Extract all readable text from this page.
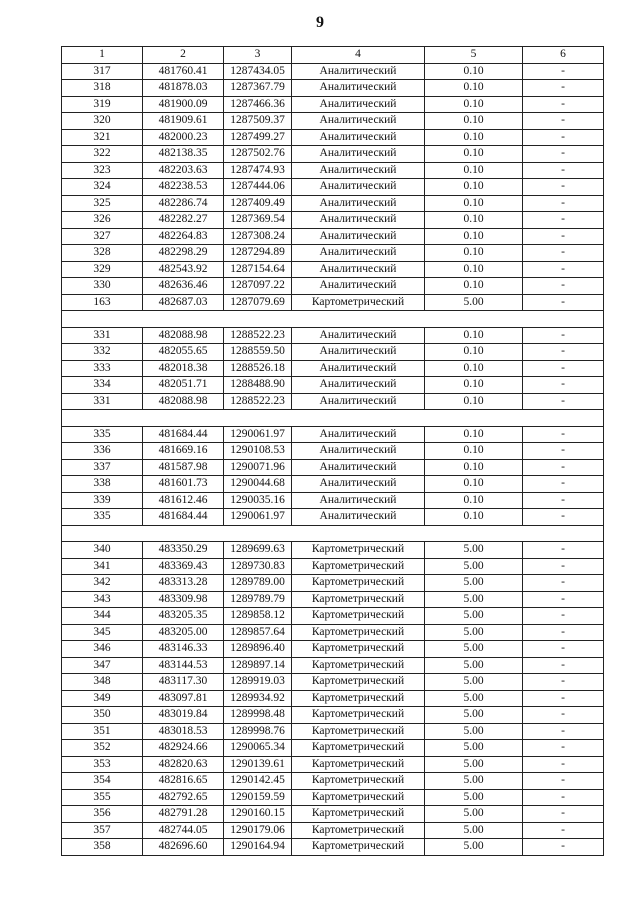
9
1	2	3	4	5	6
317	481760.41	1287434.05	Аналитический	0.10	-
318	481878.03	1287367.79	Аналитический	0.10	-
319	481900.09	1287466.36	Аналитический	0.10	-
320	481909.61	1287509.37	Аналитический	0.10	-
321	482000.23	1287499.27	Аналитический	0.10	-
322	482138.35	1287502.76	Аналитический	0.10	-
323	482203.63	1287474.93	Аналитический	0.10	-
324	482238.53	1287444.06	Аналитический	0.10	-
325	482286.74	1287409.49	Аналитический	0.10	-
326	482282.27	1287369.54	Аналитический	0.10	-
327	482264.83	1287308.24	Аналитический	0.10	-
328	482298.29	1287294.89	Аналитический	0.10	-
329	482543.92	1287154.64	Аналитический	0.10	-
330	482636.46	1287097.22	Аналитический	0.10	-
163	482687.03	1287079.69	Картометрический	5.00	-

331	482088.98	1288522.23	Аналитический	0.10	-
332	482055.65	1288559.50	Аналитический	0.10	-
333	482018.38	1288526.18	Аналитический	0.10	-
334	482051.71	1288488.90	Аналитический	0.10	-
331	482088.98	1288522.23	Аналитический	0.10	-

335	481684.44	1290061.97	Аналитический	0.10	-
336	481669.16	1290108.53	Аналитический	0.10	-
337	481587.98	1290071.96	Аналитический	0.10	-
338	481601.73	1290044.68	Аналитический	0.10	-
339	481612.46	1290035.16	Аналитический	0.10	-
335	481684.44	1290061.97	Аналитический	0.10	-

340	483350.29	1289699.63	Картометрический	5.00	-
341	483369.43	1289730.83	Картометрический	5.00	-
342	483313.28	1289789.00	Картометрический	5.00	-
343	483309.98	1289789.79	Картометрический	5.00	-
344	483205.35	1289858.12	Картометрический	5.00	-
345	483205.00	1289857.64	Картометрический	5.00	-
346	483146.33	1289896.40	Картометрический	5.00	-
347	483144.53	1289897.14	Картометрический	5.00	-
348	483117.30	1289919.03	Картометрический	5.00	-
349	483097.81	1289934.92	Картометрический	5.00	-
350	483019.84	1289998.48	Картометрический	5.00	-
351	483018.53	1289998.76	Картометрический	5.00	-
352	482924.66	1290065.34	Картометрический	5.00	-
353	482820.63	1290139.61	Картометрический	5.00	-
354	482816.65	1290142.45	Картометрический	5.00	-
355	482792.65	1290159.59	Картометрический	5.00	-
356	482791.28	1290160.15	Картометрический	5.00	-
357	482744.05	1290179.06	Картометрический	5.00	-
358	482696.60	1290164.94	Картометрический	5.00	-
